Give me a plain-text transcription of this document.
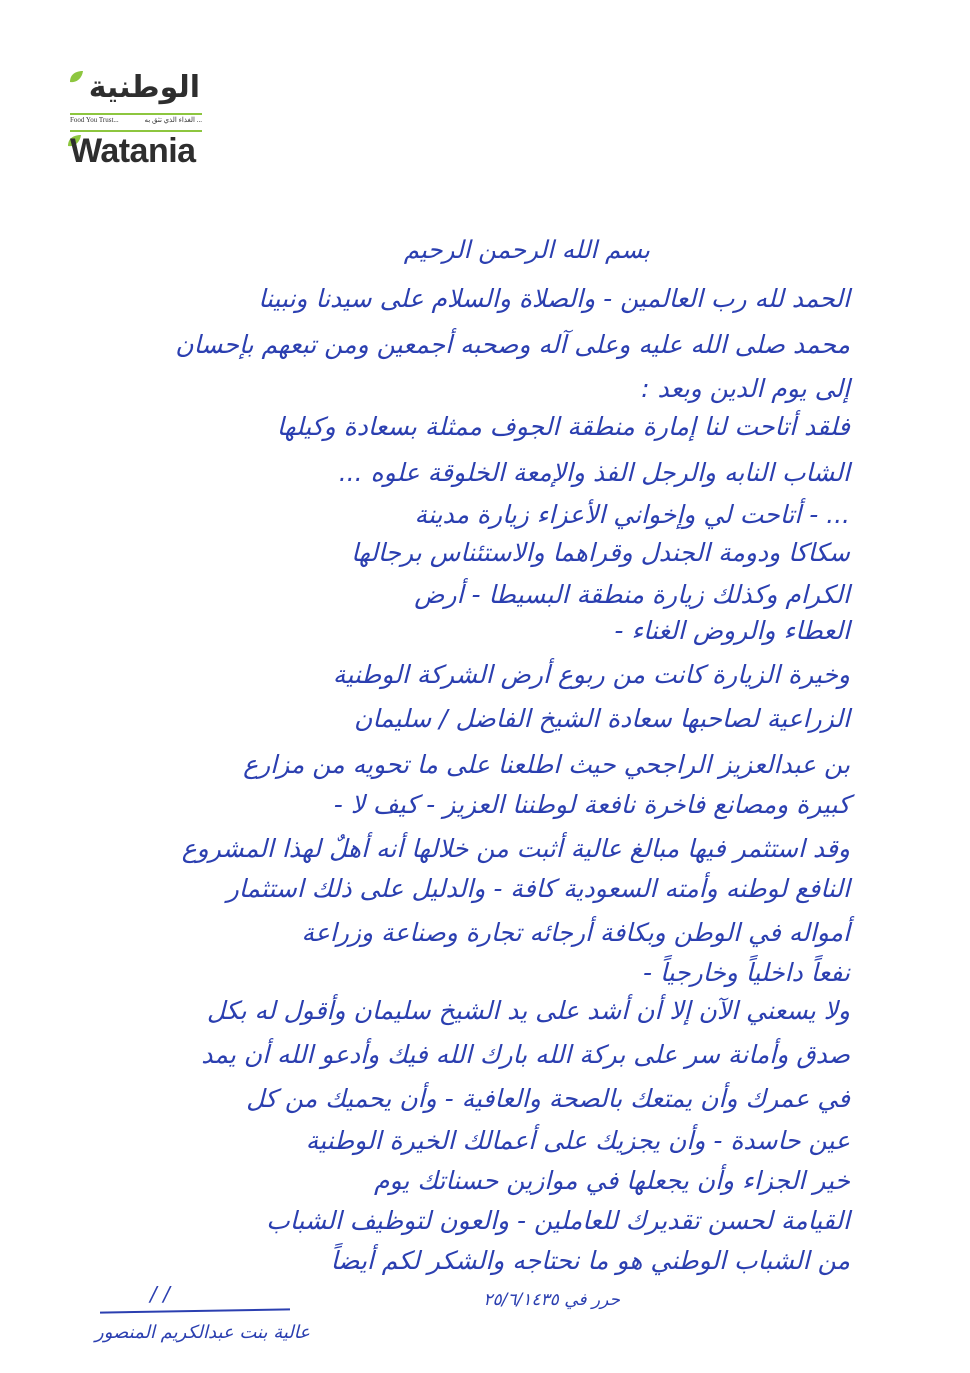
الوطنية
Food You Trust...	الغذاء الذي تثق به ...
Watania
بسم الله الرحمن الرحيم
الحمد لله رب العالمين - والصلاة والسلام على سيدنا ونبينا
محمد صلى الله عليه وعلى آله وصحبه أجمعين ومن تبعهم بإحسان
إلى يوم الدين وبعد :
فلقد أتاحت لنا إمارة منطقة الجوف ممثلة بسعادة وكيلها
الشاب النابه والرجل الفذ والإمعة الخلوقة علوه ...
... - أتاحت لي وإخواني الأعزاء زيارة مدينة
سكاكا ودومة الجندل وقراهما والاستئناس برجالها
الكرام وكذلك زيارة منطقة البسيطا - أرض
العطاء والروض الغناء -
وخيرة الزيارة كانت من ربوع أرض الشركة الوطنية
الزراعية لصاحبها سعادة الشيخ الفاضل / سليمان
بن عبدالعزيز الراجحي حيث اطلعنا على ما تحويه من مزارع
كبيرة ومصانع فاخرة نافعة لوطننا العزيز - كيف لا -
وقد استثمر فيها مبالغ عالية أثبت من خلالها أنه أهلٌ لهذا المشروع
النافع لوطنه وأمته السعودية كافة - والدليل على ذلك استثمار
أمواله في الوطن وبكافة أرجائه تجارة وصناعة وزراعة
نفعاً داخلياً وخارجياً -
ولا يسعني الآن إلا أن أشد على يد الشيخ سليمان وأقول له بكل
صدق وأمانة سر على بركة الله بارك الله فيك وأدعو الله أن يمد
في عمرك وأن يمتعك بالصحة والعافية - وأن يحميك من كل
عين حاسدة - وأن يجزيك على أعمالك الخيرة الوطنية
خير الجزاء وأن يجعلها في موازين حسناتك يوم
القيامة لحسن تقديرك للعاملين - والعون لتوظيف الشباب
من الشباب الوطني هو ما نحتاجه والشكر لكم أيضاً
حرر في ٢٥/٦/١٤٣٥
/ /
عالية بنت عبدالكريم المنصور
